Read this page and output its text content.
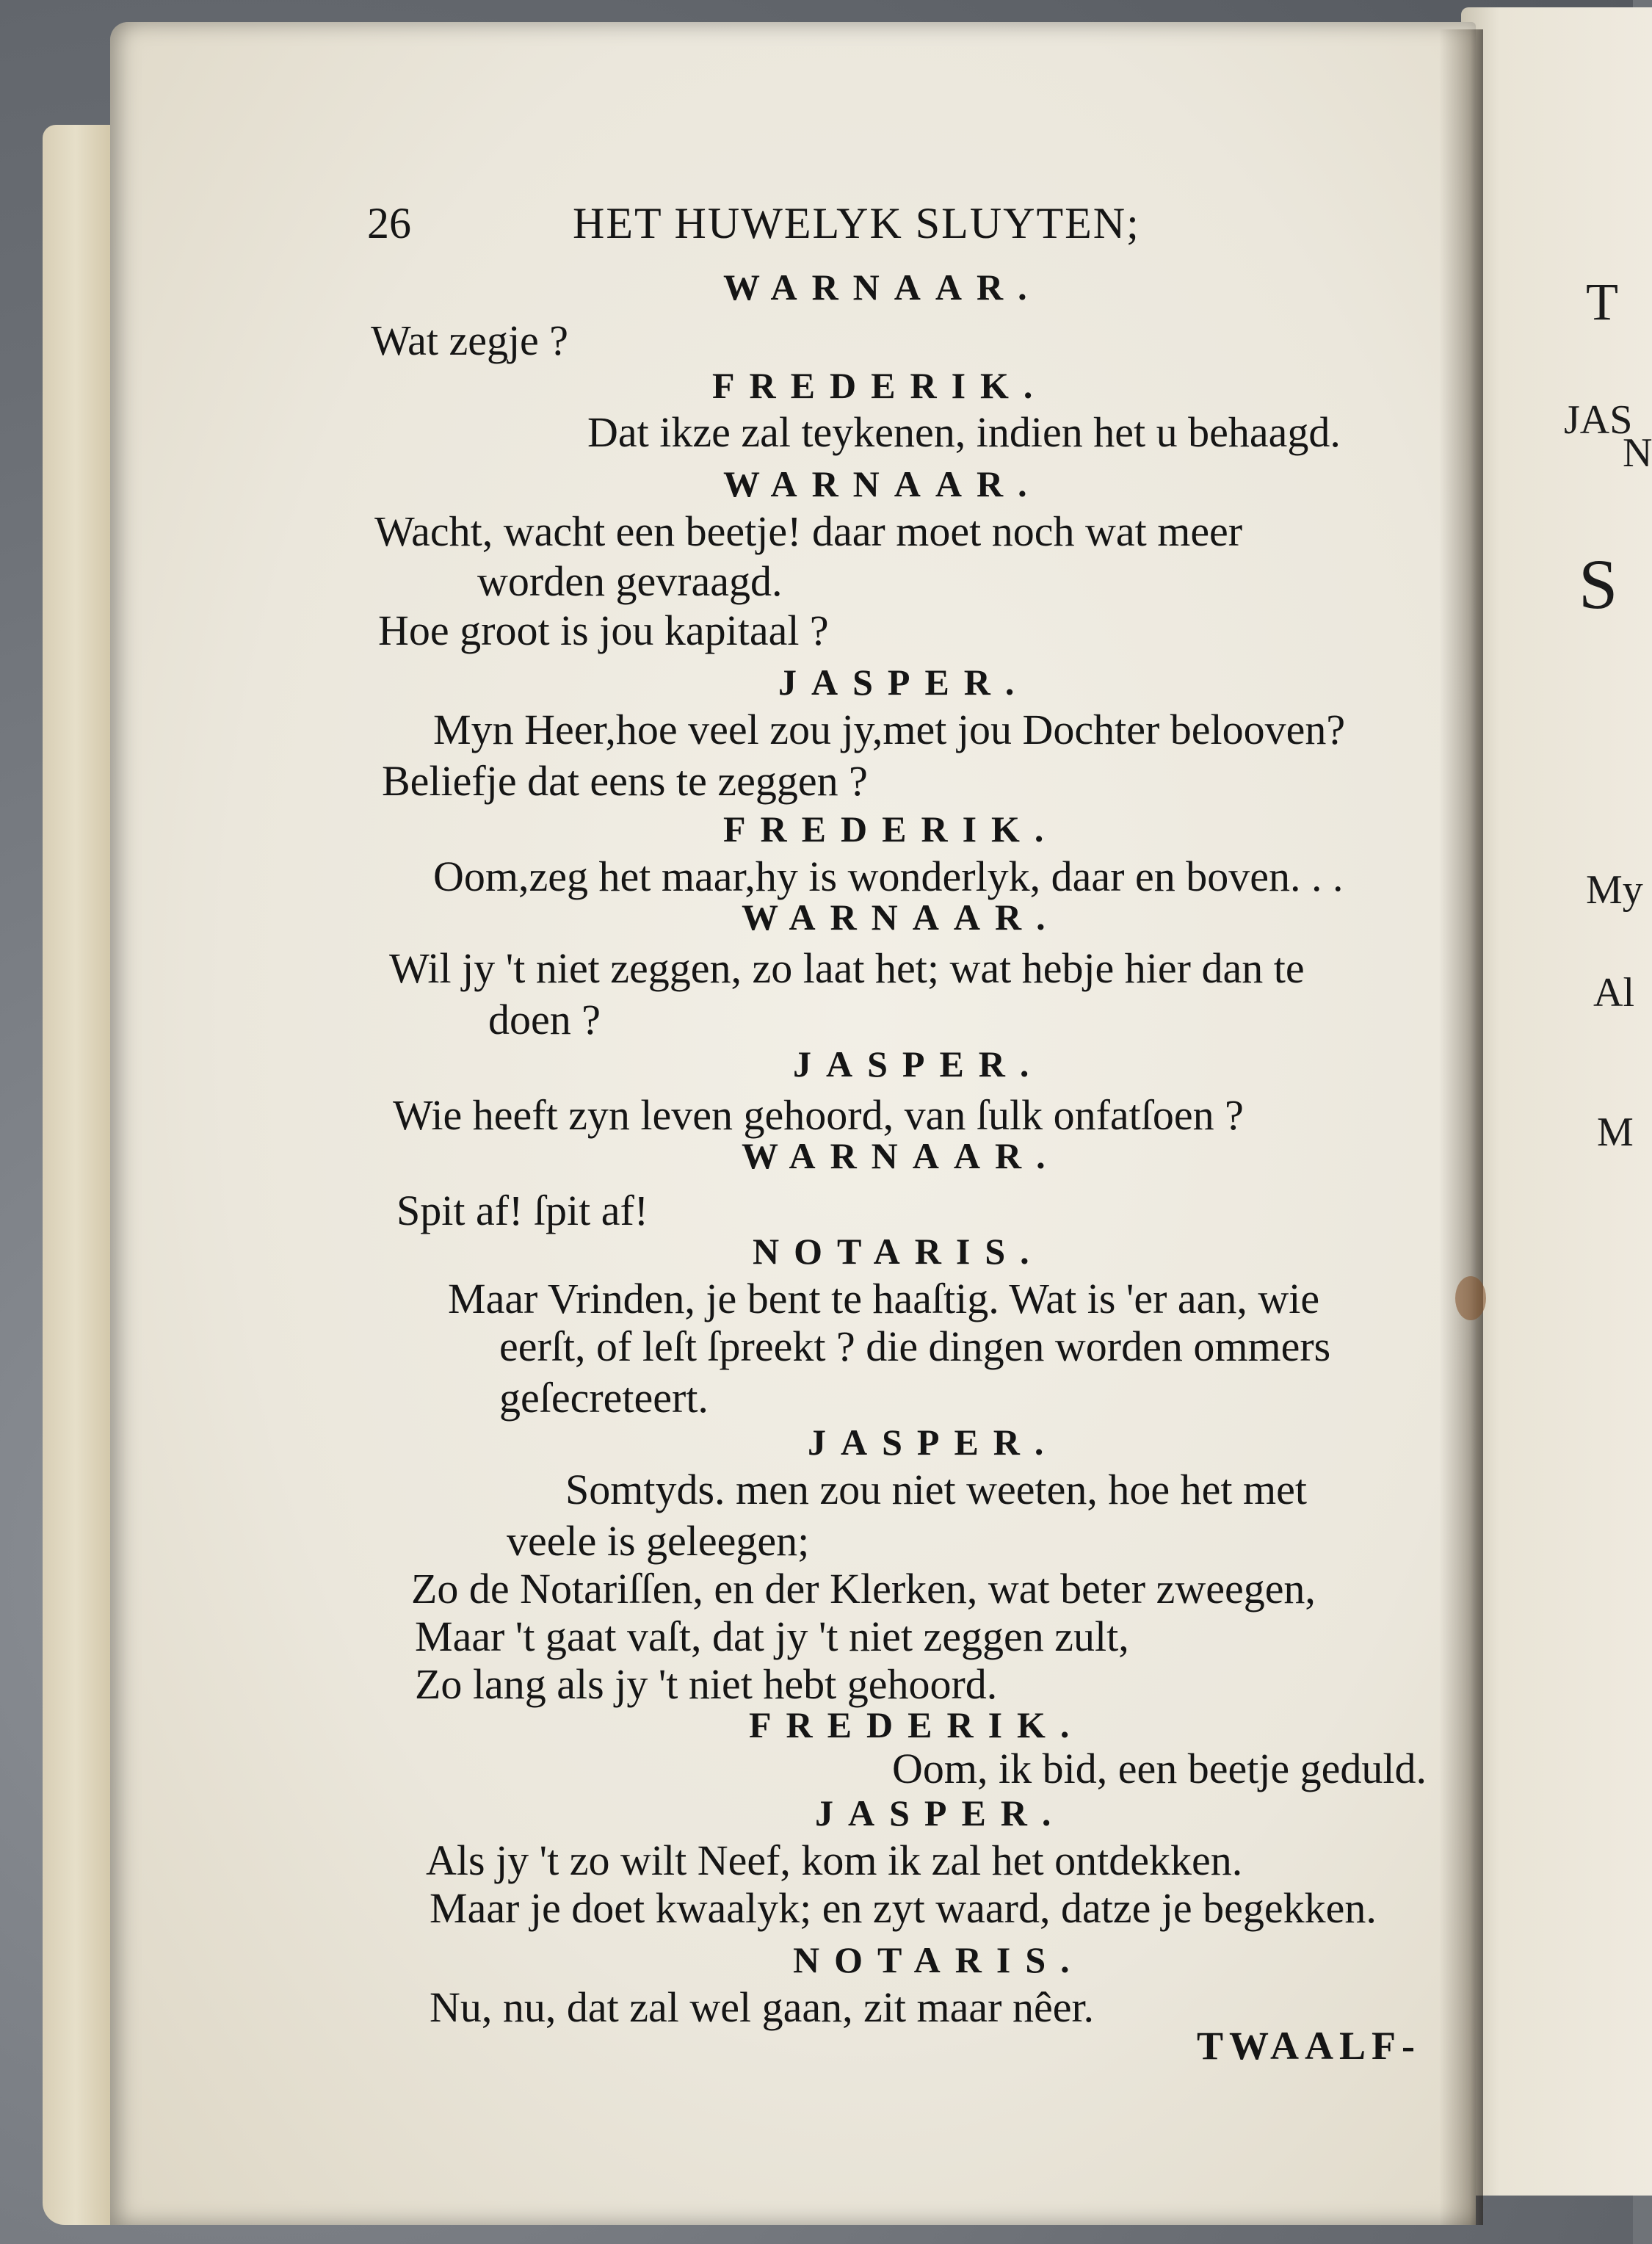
T
JAS
N
S
My
Al
M
26	HET HUWELYK SLUYTEN;
WARNAAR.
Wat zegje ?
FREDERIK.
Dat ikze zal teykenen, indien het u behaagd.
WARNAAR.
Wacht, wacht een beetje! daar moet noch wat meer
worden gevraagd.
Hoe groot is jou kapitaal ?
JASPER.
Myn Heer,hoe veel zou jy,met jou Dochter belooven?
Beliefje dat eens te zeggen ?
FREDERIK.
Oom,zeg het maar,hy is wonderlyk, daar en boven. . .
WARNAAR.
Wil jy 't niet zeggen, zo laat het; wat hebje hier dan te
doen ?
JASPER.
Wie heeft zyn leven gehoord, van ſulk onfatſoen ?
WARNAAR.
Spit af! ſpit af!
NOTARIS.
Maar Vrinden, je bent te haaſtig. Wat is 'er aan, wie
eerſt, of leſt ſpreekt ? die dingen worden ommers
geſecreteert.
JASPER.
Somtyds. men zou niet weeten, hoe het met
veele is geleegen;
Zo de Notariſſen, en der Klerken, wat beter zweegen,
Maar 't gaat vaſt, dat jy 't niet zeggen zult,
Zo lang als jy 't niet hebt gehoord.
FREDERIK.
Oom, ik bid, een beetje geduld.
JASPER.
Als jy 't zo wilt Neef, kom ik zal het ontdekken.
Maar je doet kwaalyk; en zyt waard, datze je begekken.
NOTARIS.
Nu, nu, dat zal wel gaan, zit maar nêer.
TWAALF-
